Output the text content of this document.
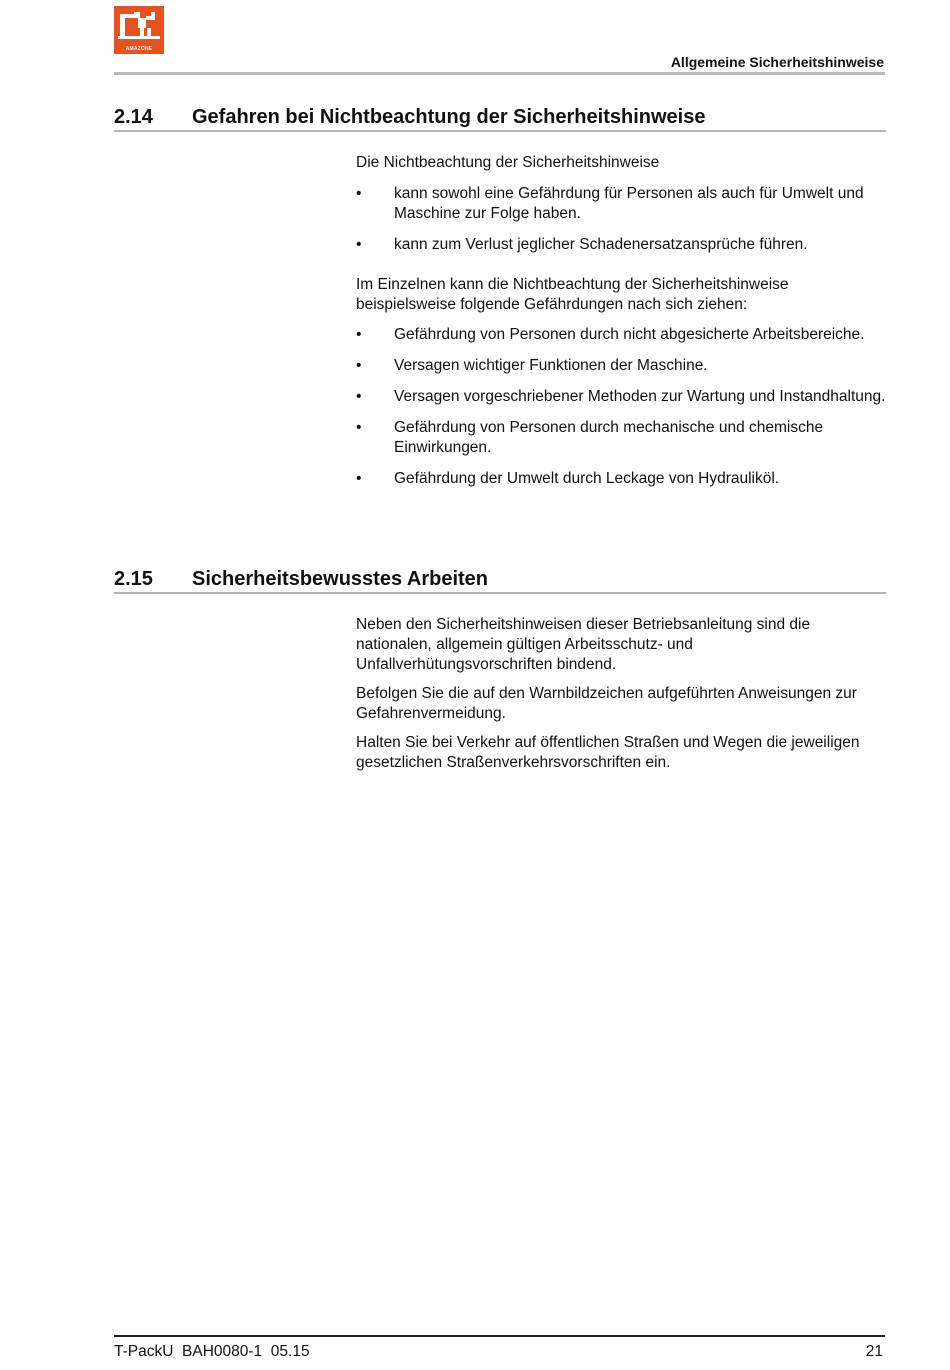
AMAZONE
Allgemeine Sicherheitshinweise
2.14 Gefahren bei Nichtbeachtung der Sicherheitshinweise

Die Nichtbeachtung der Sicherheitshinweise

• kann sowohl eine Gefährdung für Personen als auch für Umwelt und Maschine zur Folge haben.
• kann zum Verlust jeglicher Schadenersatzansprüche führen.

Im Einzelnen kann die Nichtbeachtung der Sicherheitshinweise beispielsweise folgende Gefährdungen nach sich ziehen:

• Gefährdung von Personen durch nicht abgesicherte Arbeitsbereiche.
• Versagen wichtiger Funktionen der Maschine.
• Versagen vorgeschriebener Methoden zur Wartung und Instandhaltung.
• Gefährdung von Personen durch mechanische und chemische Einwirkungen.
• Gefährdung der Umwelt durch Leckage von Hydrauliköl.
2.15 Sicherheitsbewusstes Arbeiten

Neben den Sicherheitshinweisen dieser Betriebsanleitung sind die nationalen, allgemein gültigen Arbeitsschutz- und Unfallverhütungsvorschriften bindend.

Befolgen Sie die auf den Warnbildzeichen aufgeführten Anweisungen zur Gefahrenvermeidung.

Halten Sie bei Verkehr auf öffentlichen Straßen und Wegen die jeweiligen gesetzlichen Straßenverkehrsvorschriften ein.

T-PackU  BAH0080-1  05.15	21
